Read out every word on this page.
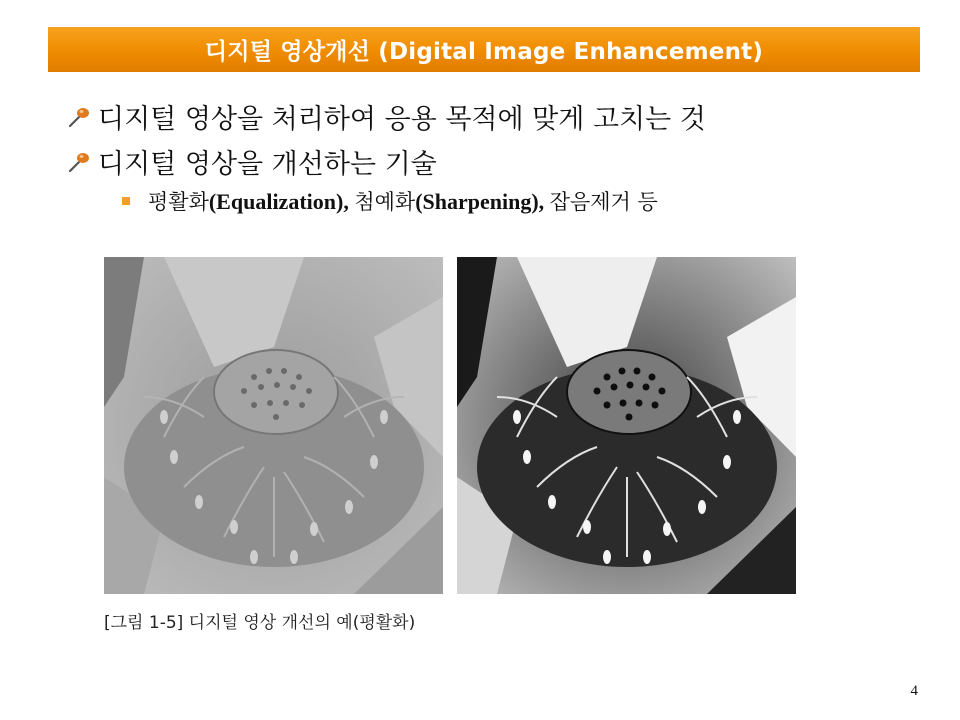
디지털 영상개선 (Digital Image Enhancement)
디지털 영상을 처리하여 응용 목적에 맞게 고치는 것
디지털 영상을 개선하는 기술
평활화(Equalization), 첨예화(Sharpening), 잡음제거 등
[그림 1-5] 디지털 영상 개선의 예(평활화)
4
